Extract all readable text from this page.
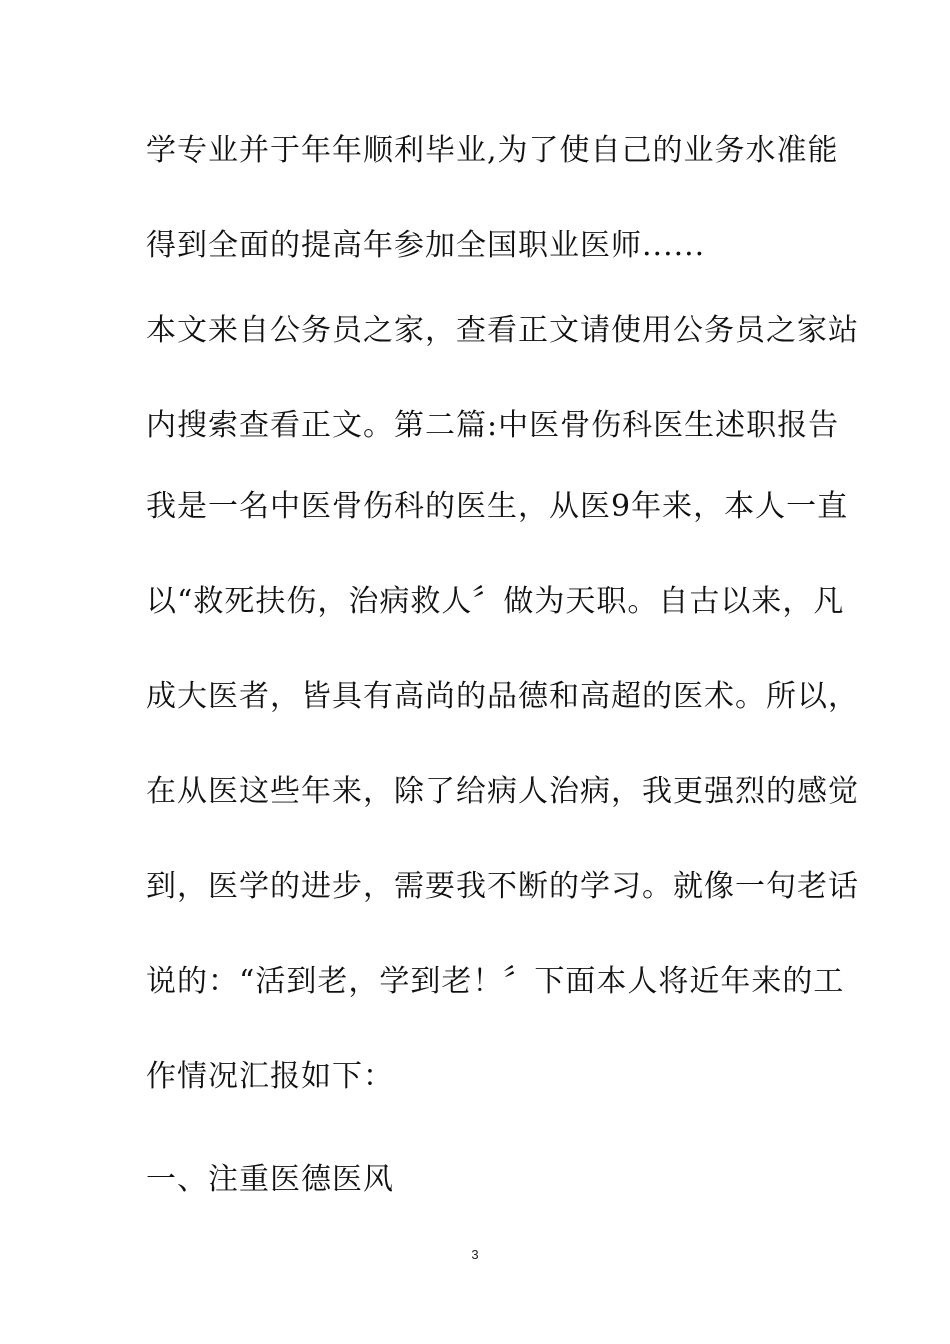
学专业并于年年顺利毕业,为了使自己的业务水准能
得到全面的提高年参加全国职业医师......
本文来自公务员之家，查看正文请使用公务员之家站
内搜索查看正文。第二篇:中医骨伤科医生述职报告
我是一名中医骨伤科的医生，从医9年来，本人一直
以“救死扶伤，治病救人〞做为天职。自古以来，凡
成大医者，皆具有高尚的品德和高超的医术。所以，
在从医这些年来，除了给病人治病，我更强烈的感觉
到，医学的进步，需要我不断的学习。就像一句老话
说的：“活到老，学到老！〞下面本人将近年来的工
作情况汇报如下：
一、注重医德医风
3
